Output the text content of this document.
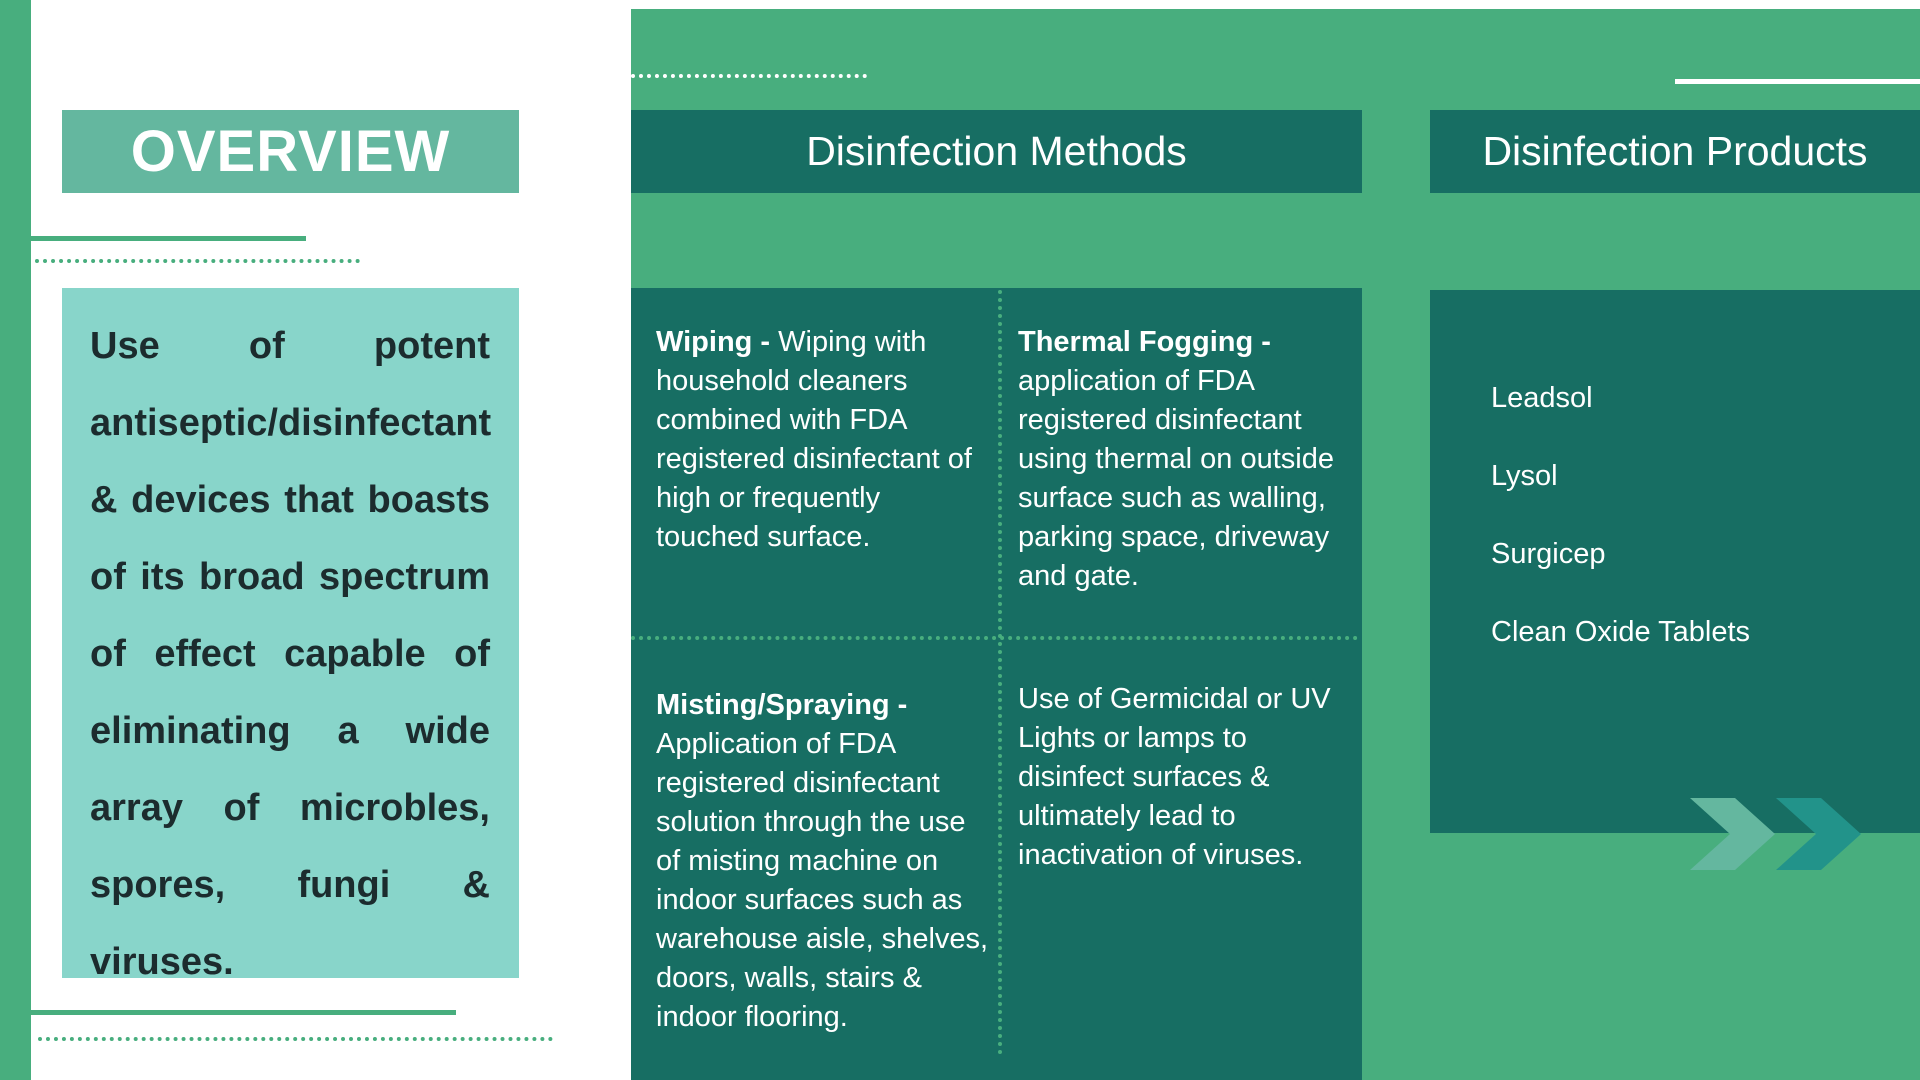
OVERVIEW
Use of potent antiseptic/disinfectant & devices that boasts of its broad spectrum of effect capable of eliminating a wide array of microbles, spores, fungi & viruses.
Disinfection Methods	Disinfection Products
Wiping - Wiping with household cleaners combined with FDA registered disinfectant of high or frequently touched surface.
Thermal Fogging - application of FDA registered disinfectant using thermal on outside surface such as walling, parking space, driveway and gate.
Misting/Spraying - Application of FDA registered disinfectant solution through the use of misting machine on indoor surfaces such as warehouse aisle, shelves, doors, walls, stairs & indoor flooring.
Use of Germicidal or UV Lights or lamps to disinfect surfaces & ultimately lead to inactivation of viruses.
Leadsol
Lysol
Surgicep
Clean Oxide Tablets
